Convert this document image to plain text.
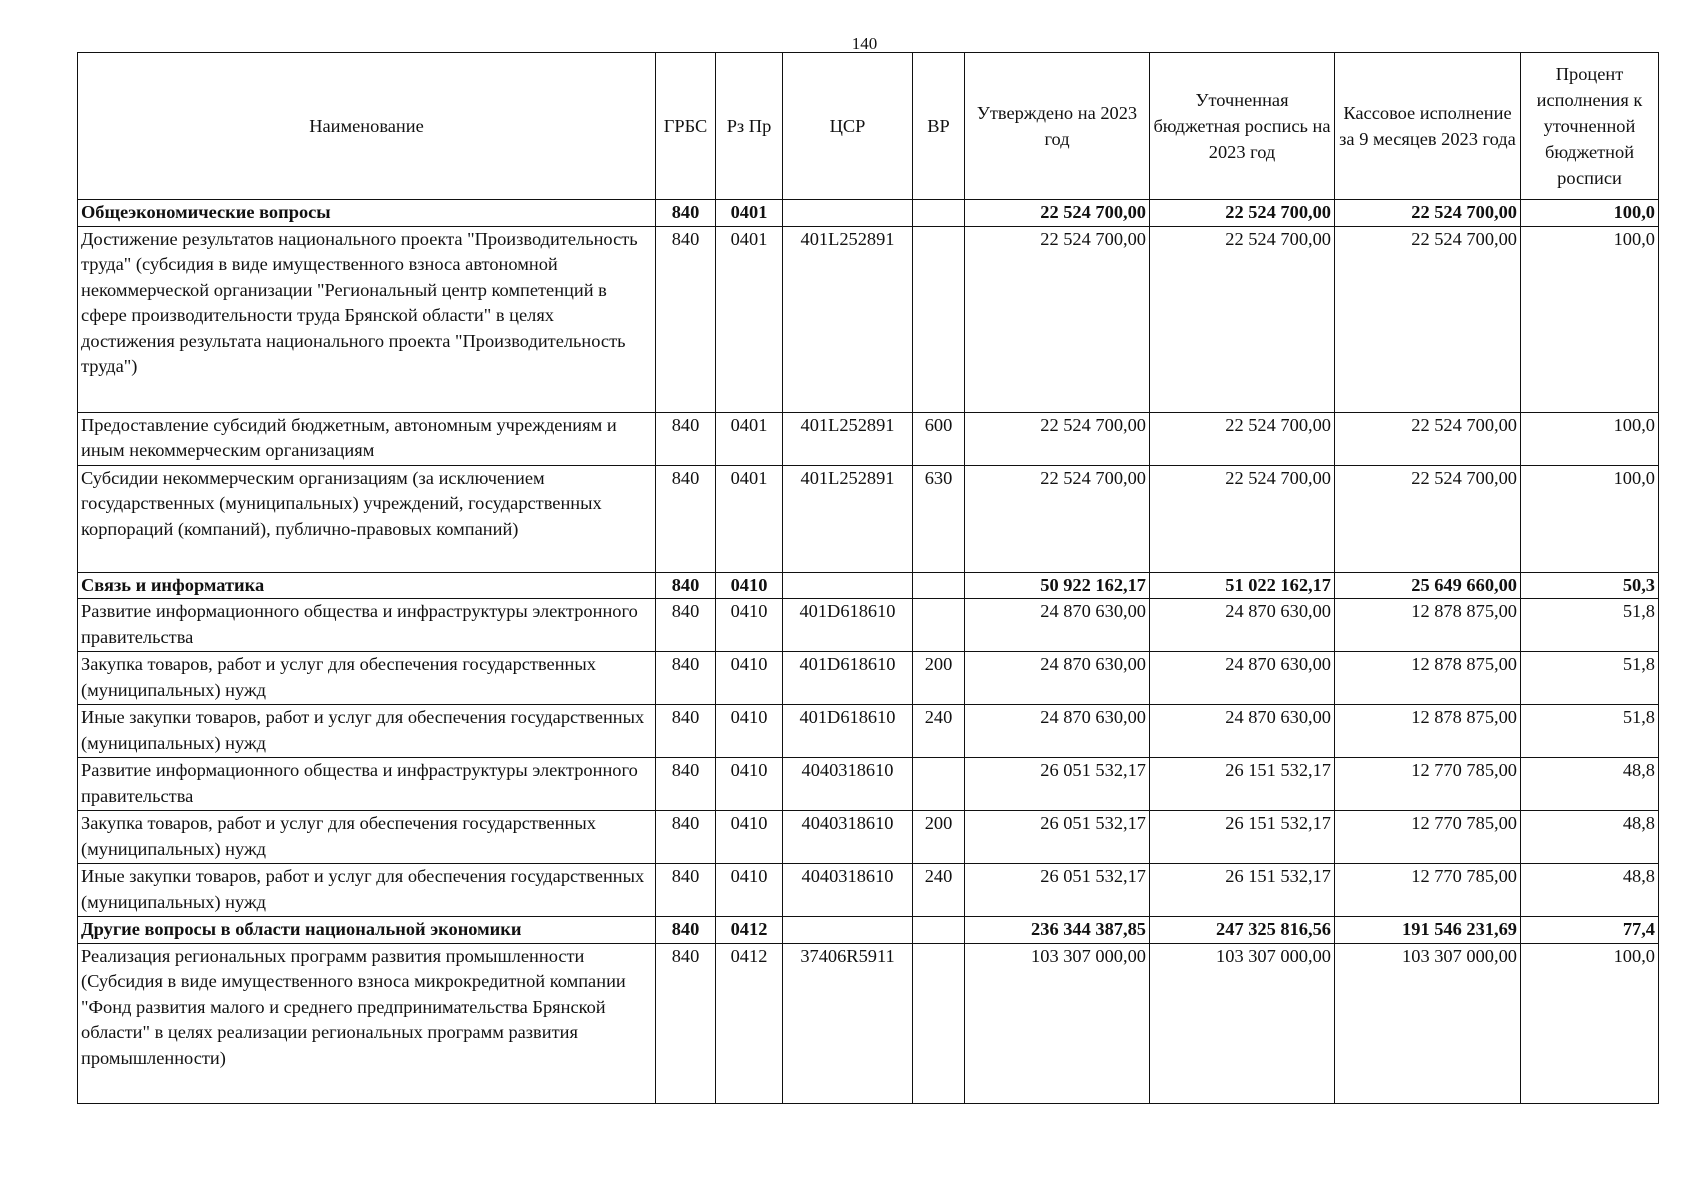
140
Наименование	ГРБС	Рз Пр	ЦСР	ВР	Утверждено на 2023 год	Уточненная бюджетная роспись на 2023 год	Кассовое исполнение за 9 месяцев 2023 года	Процент исполнения к уточненной бюджетной росписи
Общеэкономические вопросы	840	0401			22 524 700,00	22 524 700,00	22 524 700,00	100,0
Достижение результатов национального проекта "Производительность труда" (субсидия в виде имущественного взноса автономной некоммерческой организации "Региональный центр компетенций в сфере производительности труда Брянской области" в целях достижения результата национального проекта "Производительность труда")	840	0401	401L252891		22 524 700,00	22 524 700,00	22 524 700,00	100,0
Предоставление субсидий бюджетным, автономным учреждениям и иным некоммерческим организациям	840	0401	401L252891	600	22 524 700,00	22 524 700,00	22 524 700,00	100,0
Субсидии некоммерческим организациям (за исключением государственных (муниципальных) учреждений, государственных корпораций (компаний), публично-правовых компаний)	840	0401	401L252891	630	22 524 700,00	22 524 700,00	22 524 700,00	100,0
Связь и информатика	840	0410			50 922 162,17	51 022 162,17	25 649 660,00	50,3
Развитие информационного общества и инфраструктуры электронного правительства	840	0410	401D618610		24 870 630,00	24 870 630,00	12 878 875,00	51,8
Закупка товаров, работ и услуг для обеспечения государственных (муниципальных) нужд	840	0410	401D618610	200	24 870 630,00	24 870 630,00	12 878 875,00	51,8
Иные закупки товаров, работ и услуг для обеспечения государственных (муниципальных) нужд	840	0410	401D618610	240	24 870 630,00	24 870 630,00	12 878 875,00	51,8
Развитие информационного общества и инфраструктуры электронного правительства	840	0410	4040318610		26 051 532,17	26 151 532,17	12 770 785,00	48,8
Закупка товаров, работ и услуг для обеспечения государственных (муниципальных) нужд	840	0410	4040318610	200	26 051 532,17	26 151 532,17	12 770 785,00	48,8
Иные закупки товаров, работ и услуг для обеспечения государственных (муниципальных) нужд	840	0410	4040318610	240	26 051 532,17	26 151 532,17	12 770 785,00	48,8
Другие вопросы в области национальной экономики	840	0412			236 344 387,85	247 325 816,56	191 546 231,69	77,4
Реализация региональных программ развития промышленности (Субсидия в виде имущественного взноса микрокредитной компании "Фонд развития малого и среднего предпринимательства Брянской области" в целях реализации региональных программ развития промышленности)	840	0412	37406R5911		103 307 000,00	103 307 000,00	103 307 000,00	100,0
